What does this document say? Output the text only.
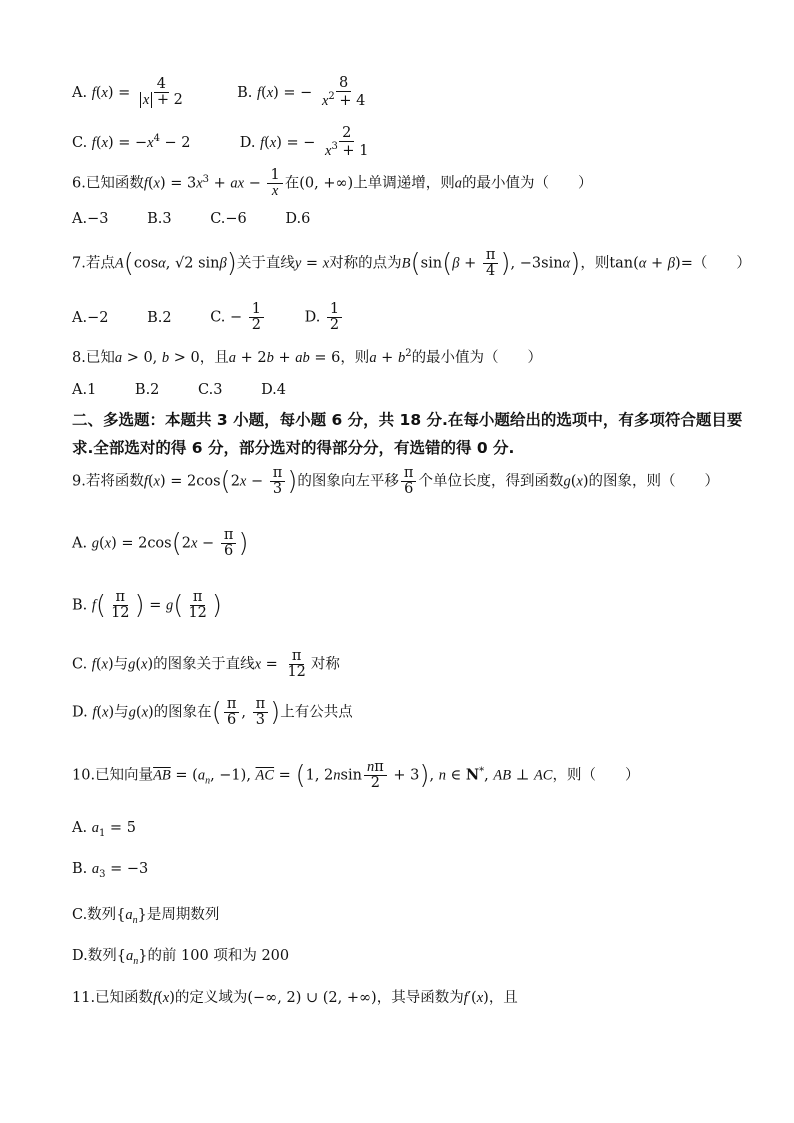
A. $f(x) = \frac{4}{x + 2}$	B. f(x) = − $\frac{8}{x^2 + 4}$
C. $f(x) = -x^4 - 2$	D. f(x) = − $\frac{2}{x^3 + 1}$
6.已知函数$f(x) = 3x^3$ + ax − $\frac{1}{x}$ 在(0, +∞)上单调递增，则a的最小值为（　　）
A.−3	B.3	C.−6	D.6
7.若点A(cosα, √2 sinβ)关于直线y = x对称的点为$B(\sin(\beta + \frac{\pi}{4}$ ), −3sinα)，则tan(α + β)=（　　）
A.−2	B.2	C. − $\frac{1}{2}$	D. $\frac{1}{2}$
8.已知a > 0, b > 0，且a + 2b + ab = 6，则$a + b^2$的最小值为（　　）
A.1	B.2	C.3	D.4
二、多选题：本题共 3 小题，每小题 6 分，共 18 分.在每小题给出的选项中，有多项符合题目要求.全部选对的得 6 分，部分选对的得部分分，有选错的得 0 分.
9.若将函数$f(x) = 2\cos(2x - \frac{\pi}{3}$ )的图象向左平移 $\frac{\pi}{6}$ 个单位长度，得到函数g(x)的图象，则（　　）
A. $g(x) = 2\cos(2x - \frac{\pi}{6}$ )
B. $f( \frac{\pi}{12}$ ) = $g( \frac{\pi}{12}$ )
C. f(x)与g(x)的图象关于直线$x = \frac{\pi}{12}$ 对称
D. f(x)与g(x)的图象在( $\frac{\pi}{6}$ , $\frac{\pi}{3}$ )上有公共点
10.已知向量$\overline{AB} = (a_n$, −1), $\overline{AC} = (1$, $2nsin \frac{n\pi}{2} + 3$), n ∈ N*, AB ⊥ AC，则（　　）
A. $a_1 = 5$
B. $a_3 = -3$
C.数列$\{a_n\}$是周期数列
D.数列$\{a_n\}$的前 100 项和为 200
11.已知函数f(x)的定义域为(−∞, 2) ∪ (2, +∞)，其导函数为f′(x)，且
